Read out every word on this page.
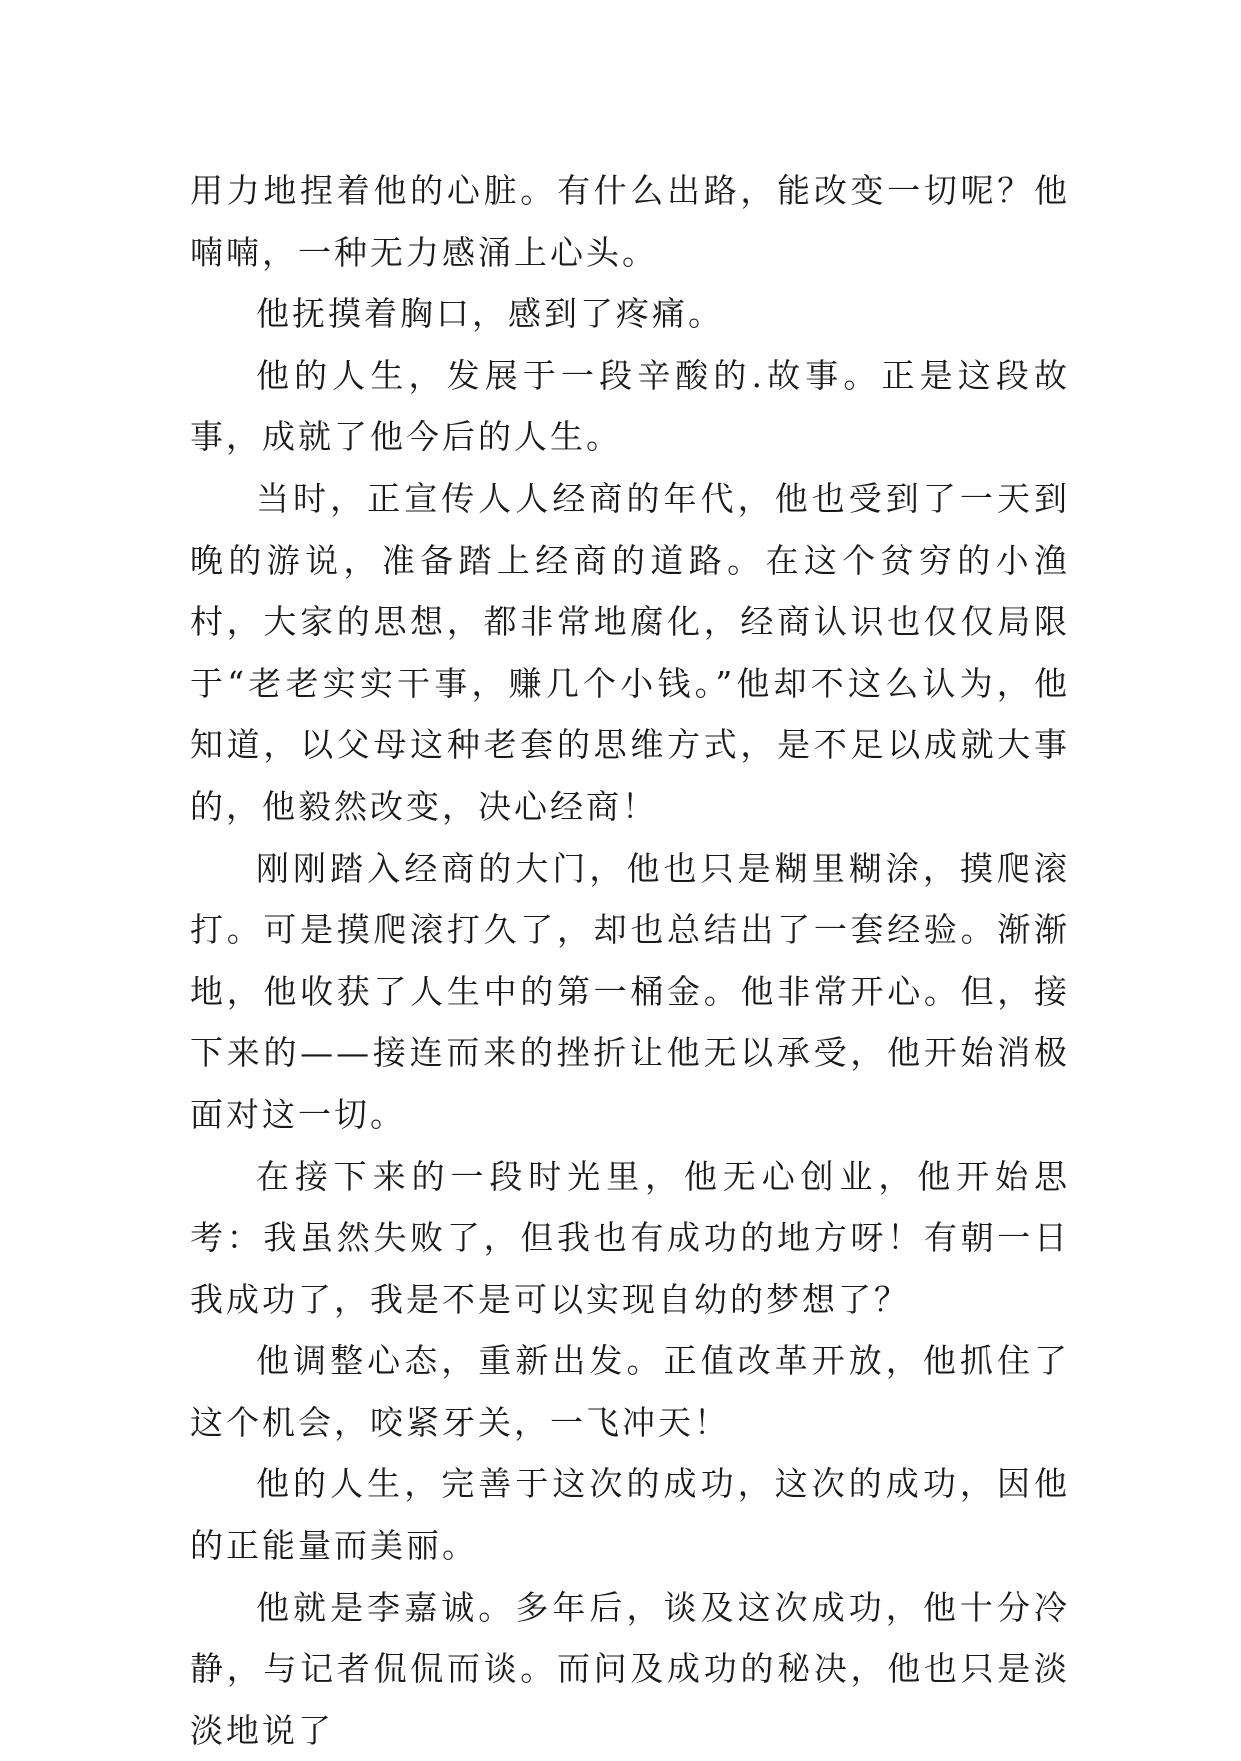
用力地捏着他的心脏。有什么出路，能改变一切呢？他喃喃，一种无力感涌上心头。

他抚摸着胸口，感到了疼痛。

他的人生，发展于一段辛酸的.故事。正是这段故事，成就了他今后的人生。

当时，正宣传人人经商的年代，他也受到了一天到晚的游说，准备踏上经商的道路。在这个贫穷的小渔村，大家的思想，都非常地腐化，经商认识也仅仅局限于“老老实实干事，赚几个小钱。”他却不这么认为，他知道，以父母这种老套的思维方式，是不足以成就大事的，他毅然改变，决心经商！

刚刚踏入经商的大门，他也只是糊里糊涂，摸爬滚打。可是摸爬滚打久了，却也总结出了一套经验。渐渐地，他收获了人生中的第一桶金。他非常开心。但，接下来的——接连而来的挫折让他无以承受，他开始消极面对这一切。

在接下来的一段时光里，他无心创业，他开始思考：我虽然失败了，但我也有成功的地方呀！有朝一日我成功了，我是不是可以实现自幼的梦想了？

他调整心态，重新出发。正值改革开放，他抓住了这个机会，咬紧牙关，一飞冲天！

他的人生，完善于这次的成功，这次的成功，因他的正能量而美丽。

他就是李嘉诚。多年后，谈及这次成功，他十分冷静，与记者侃侃而谈。而问及成功的秘决，他也只是淡淡地说了
